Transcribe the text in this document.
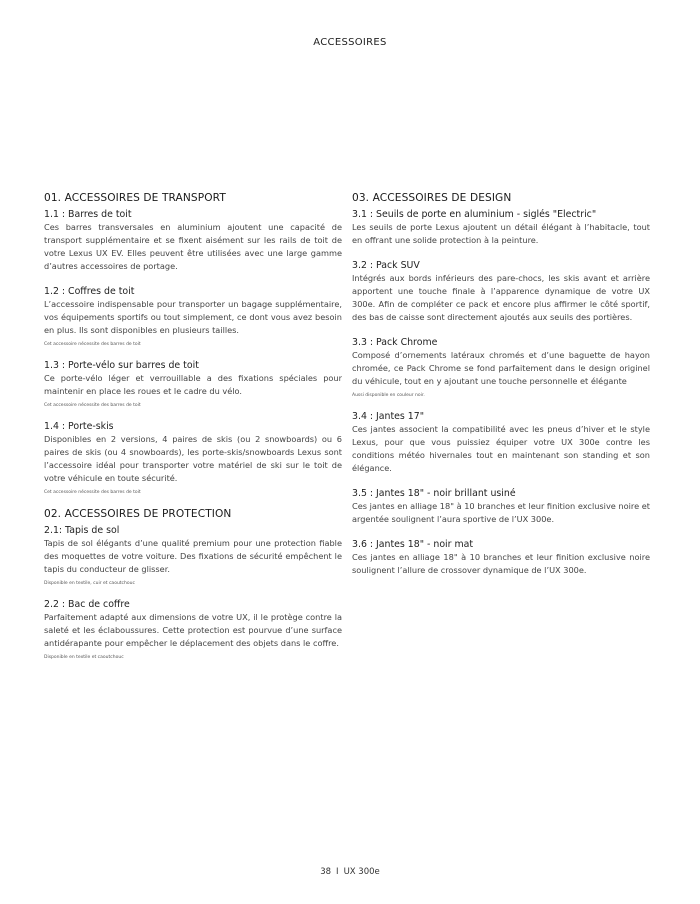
ACCESSOIRES
01. ACCESSOIRES DE TRANSPORT
1.1 : Barres de toit

Ces barres transversales en aluminium ajoutent une capacité de transport supplémentaire et se fixent aisément sur les rails de toit de votre Lexus UX EV. Elles peuvent être utilisées avec une large gamme d’autres accessoires de portage.

1.2 : Coffres de toit

L’accessoire indispensable pour transporter un bagage supplémentaire, vos équipements sportifs ou tout simplement, ce dont vous avez besoin en plus. Ils sont disponibles en plusieurs tailles.

Cet accessoire nécessite des barres de toit
1.3 : Porte-vélo sur barres de toit

Ce porte-vélo léger et verrouillable a des fixations spéciales pour maintenir en place les roues et le cadre du vélo.

Cet accessoire nécessite des barres de toit
1.4 : Porte-skis

Disponibles en 2 versions, 4 paires de skis (ou 2 snowboards) ou 6 paires de skis (ou 4 snowboards), les porte-skis/snowboards Lexus sont l’accessoire idéal pour transporter votre matériel de ski sur le toit de votre véhicule en toute sécurité.

Cet accessoire nécessite des barres de toit
02. ACCESSOIRES DE PROTECTION
2.1: Tapis de sol

Tapis de sol élégants d’une qualité premium pour une protection fiable des moquettes de votre voiture. Des fixations de sécurité empêchent le tapis du conducteur de glisser.

Disponible en textile, cuir et caoutchouc
2.2 : Bac de coffre

Parfaitement adapté aux dimensions de votre UX, il le protège contre la saleté et les éclaboussures. Cette protection est pourvue d’une surface antidérapante pour empêcher le déplacement des objets dans le coffre.

Disponible en textile et caoutchouc
03. ACCESSOIRES DE DESIGN
3.1 : Seuils de porte en aluminium - siglés "Electric"

Les seuils de porte Lexus ajoutent un détail élégant à l’habitacle, tout en offrant une solide protection à la peinture.

3.2 : Pack SUV

Intégrés aux bords inférieurs des pare-chocs, les skis avant et arrière apportent une touche finale à l’apparence dynamique de votre UX 300e. Afin de compléter ce pack et encore plus affirmer le côté sportif, des bas de caisse sont directement ajoutés aux seuils des portières.

3.3 : Pack Chrome

Composé d’ornements latéraux chromés et d’une baguette de hayon chromée, ce Pack Chrome se fond parfaitement dans le design originel du véhicule, tout en y ajoutant une touche personnelle et élégante

Aussi disponible en couleur noir.
3.4 : Jantes 17"

Ces jantes associent la compatibilité avec les pneus d’hiver et le style Lexus, pour que vous puissiez équiper votre UX 300e contre les conditions météo hivernales tout en maintenant son standing et son élégance.

3.5 : Jantes 18" - noir brillant usiné

Ces jantes en alliage 18" à 10 branches et leur finition exclusive noire et argentée soulignent l’aura sportive de l’UX 300e.

3.6 : Jantes 18" - noir mat

Ces jantes en alliage 18" à 10 branches et leur finition exclusive noire soulignent l’allure de crossover dynamique de l’UX 300e.

38 I UX 300e
